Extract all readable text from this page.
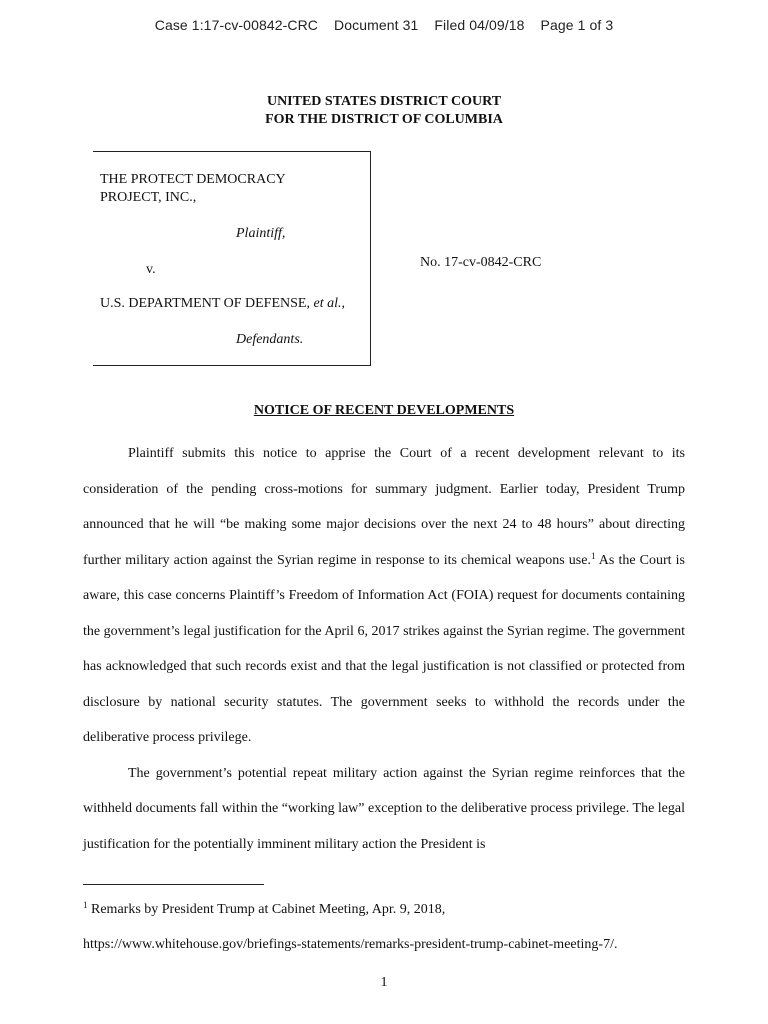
Case 1:17-cv-00842-CRC Document 31 Filed 04/09/18 Page 1 of 3
UNITED STATES DISTRICT COURT
FOR THE DISTRICT OF COLUMBIA
THE PROTECT DEMOCRACY
PROJECT, INC.,
Plaintiff,
v.
U.S. DEPARTMENT OF DEFENSE, et al.,
Defendants.
No. 17-cv-0842-CRC
NOTICE OF RECENT DEVELOPMENTS

Plaintiff submits this notice to apprise the Court of a recent development relevant to its consideration of the pending cross-motions for summary judgment. Earlier today, President Trump announced that he will “be making some major decisions over the next 24 to 48 hours” about directing further military action against the Syrian regime in response to its chemical weapons use.$^1$ As the Court is aware, this case concerns Plaintiff’s Freedom of Information Act (FOIA) request for documents containing the government’s legal justification for the April 6, 2017 strikes against the Syrian regime. The government has acknowledged that such records exist and that the legal justification is not classified or protected from disclosure by national security statutes. The government seeks to withhold the records under the deliberative process privilege.

The government’s potential repeat military action against the Syrian regime reinforces that the withheld documents fall within the “working law” exception to the deliberative process privilege. The legal justification for the potentially imminent military action the President is

$^1$ Remarks by President Trump at Cabinet Meeting, Apr. 9, 2018,
https://www.whitehouse.gov/briefings-statements/remarks-president-trump-cabinet-meeting-7/.
1
